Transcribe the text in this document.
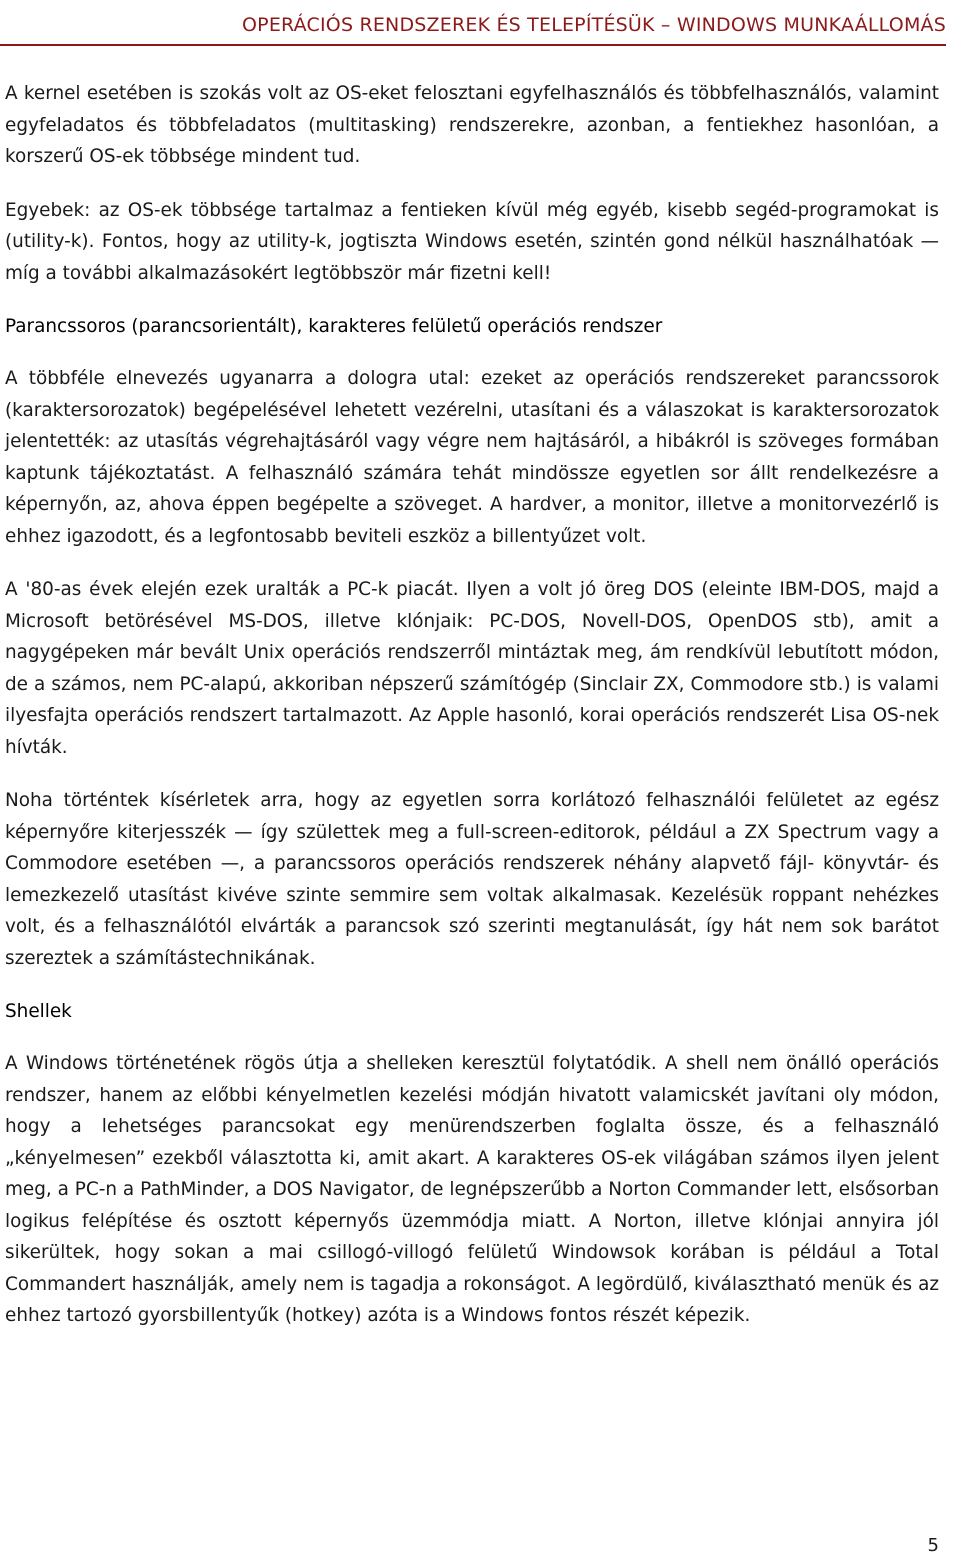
OPERÁCIÓS RENDSZEREK ÉS TELEPÍTÉSÜK – WINDOWS MUNKAÁLLOMÁS

A kernel esetében is szokás volt az OS-eket felosztani egyfelhasználós és többfelhasználós, valamint egyfeladatos és többfeladatos (multitasking) rendszerekre, azonban, a fentiekhez hasonlóan, a korszerű OS-ek többsége mindent tud.

Egyebek: az OS-ek többsége tartalmaz a fentieken kívül még egyéb, kisebb segéd-programokat is (utility-k). Fontos, hogy az utility-k, jogtiszta Windows esetén, szintén gond nélkül használhatóak — míg a további alkalmazásokért legtöbbször már fizetni kell!

Parancssoros (parancsorientált), karakteres felületű operációs rendszer

A többféle elnevezés ugyanarra a dologra utal: ezeket az operációs rendszereket parancssorok (karaktersorozatok) begépelésével lehetett vezérelni, utasítani és a válaszokat is karaktersorozatok jelentették: az utasítás végrehajtásáról vagy végre nem hajtásáról, a hibákról is szöveges formában kaptunk tájékoztatást. A felhasználó számára tehát mindössze egyetlen sor állt rendelkezésre a képernyőn, az, ahova éppen begépelte a szöveget. A hardver, a monitor, illetve a monitorvezérlő is ehhez igazodott, és a legfontosabb beviteli eszköz a billentyűzet volt.

A '80-as évek elején ezek uralták a PC-k piacát. Ilyen a volt jó öreg DOS (eleinte IBM-DOS, majd a Microsoft betörésével MS-DOS, illetve klónjaik: PC-DOS, Novell-DOS, OpenDOS stb), amit a nagygépeken már bevált Unix operációs rendszerről mintáztak meg, ám rendkívül lebutított módon, de a számos, nem PC-alapú, akkoriban népszerű számítógép (Sinclair ZX, Commodore stb.) is valami ilyesfajta operációs rendszert tartalmazott. Az Apple hasonló, korai operációs rendszerét Lisa OS-nek hívták.

Noha történtek kísérletek arra, hogy az egyetlen sorra korlátozó felhasználói felületet az egész képernyőre kiterjesszék — így születtek meg a full-screen-editorok, például a ZX Spectrum vagy a Commodore esetében —, a parancssoros operációs rendszerek néhány alapvető fájl- könyvtár- és lemezkezelő utasítást kivéve szinte semmire sem voltak alkalmasak. Kezelésük roppant nehézkes volt, és a felhasználótól elvárták a parancsok szó szerinti megtanulását, így hát nem sok barátot szereztek a számítástechnikának.

Shellek

A Windows történetének rögös útja a shelleken keresztül folytatódik. A shell nem önálló operációs rendszer, hanem az előbbi kényelmetlen kezelési módján hivatott valamicskét javítani oly módon, hogy a lehetséges parancsokat egy menürendszerben foglalta össze, és a felhasználó „kényelmesen” ezekből választotta ki, amit akart. A karakteres OS-ek világában számos ilyen jelent meg, a PC-n a PathMinder, a DOS Navigator, de legnépszerűbb a Norton Commander lett, elsősorban logikus felépítése és osztott képernyős üzemmódja miatt. A Norton, illetve klónjai annyira jól sikerültek, hogy sokan a mai csillogó-villogó felületű Windowsok korában is például a Total Commandert használják, amely nem is tagadja a rokonságot. A legördülő, kiválasztható menük és az ehhez tartozó gyorsbillentyűk (hotkey) azóta is a Windows fontos részét képezik.

5
